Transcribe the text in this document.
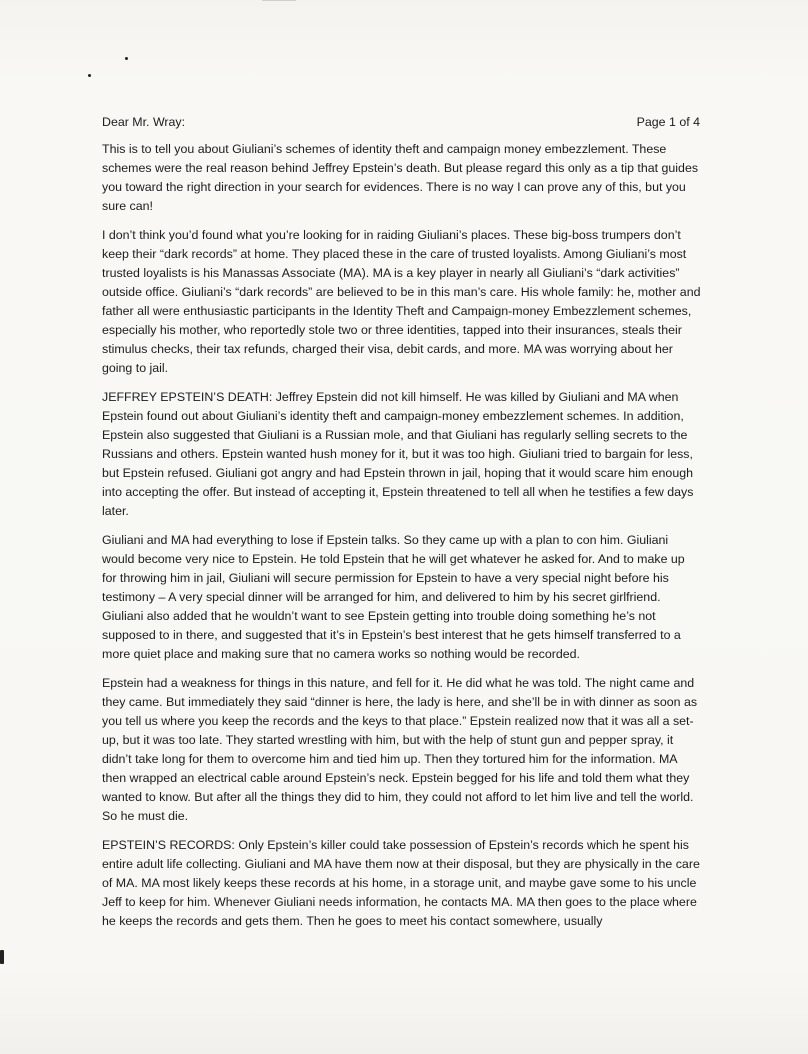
Dear Mr. Wray:	Page 1 of 4

This is to tell you about Giuliani’s schemes of identity theft and campaign money embezzlement. These schemes were the real reason behind Jeffrey Epstein’s death. But please regard this only as a tip that guides you toward the right direction in your search for evidences. There is no way I can prove any of this, but you sure can!

I don’t think you’d found what you’re looking for in raiding Giuliani’s places. These big-boss trumpers don’t keep their “dark records” at home. They placed these in the care of trusted loyalists. Among Giuliani’s most trusted loyalists is his Manassas Associate (MA). MA is a key player in nearly all Giuliani’s “dark activities” outside office. Giuliani’s “dark records” are believed to be in this man’s care. His whole family: he, mother and father all were enthusiastic participants in the Identity Theft and Campaign-money Embezzlement schemes, especially his mother, who reportedly stole two or three identities, tapped into their insurances, steals their stimulus checks, their tax refunds, charged their visa, debit cards, and more. MA was worrying about her going to jail.

JEFFREY EPSTEIN’S DEATH: Jeffrey Epstein did not kill himself. He was killed by Giuliani and MA when Epstein found out about Giuliani’s identity theft and campaign-money embezzlement schemes. In addition, Epstein also suggested that Giuliani is a Russian mole, and that Giuliani has regularly selling secrets to the Russians and others. Epstein wanted hush money for it, but it was too high. Giuliani tried to bargain for less, but Epstein refused. Giuliani got angry and had Epstein thrown in jail, hoping that it would scare him enough into accepting the offer. But instead of accepting it, Epstein threatened to tell all when he testifies a few days later.

Giuliani and MA had everything to lose if Epstein talks. So they came up with a plan to con him. Giuliani would become very nice to Epstein. He told Epstein that he will get whatever he asked for. And to make up for throwing him in jail, Giuliani will secure permission for Epstein to have a very special night before his testimony – A very special dinner will be arranged for him, and delivered to him by his secret girlfriend. Giuliani also added that he wouldn’t want to see Epstein getting into trouble doing something he’s not supposed to in there, and suggested that it’s in Epstein’s best interest that he gets himself transferred to a more quiet place and making sure that no camera works so nothing would be recorded.

Epstein had a weakness for things in this nature, and fell for it. He did what he was told. The night came and they came. But immediately they said “dinner is here, the lady is here, and she’ll be in with dinner as soon as you tell us where you keep the records and the keys to that place.” Epstein realized now that it was all a set-up, but it was too late. They started wrestling with him, but with the help of stunt gun and pepper spray, it didn’t take long for them to overcome him and tied him up. Then they tortured him for the information. MA then wrapped an electrical cable around Epstein’s neck. Epstein begged for his life and told them what they wanted to know. But after all the things they did to him, they could not afford to let him live and tell the world. So he must die.

EPSTEIN’S RECORDS: Only Epstein’s killer could take possession of Epstein’s records which he spent his entire adult life collecting. Giuliani and MA have them now at their disposal, but they are physically in the care of MA. MA most likely keeps these records at his home, in a storage unit, and maybe gave some to his uncle Jeff to keep for him. Whenever Giuliani needs information, he contacts MA. MA then goes to the place where he keeps the records and gets them. Then he goes to meet his contact somewhere, usually
